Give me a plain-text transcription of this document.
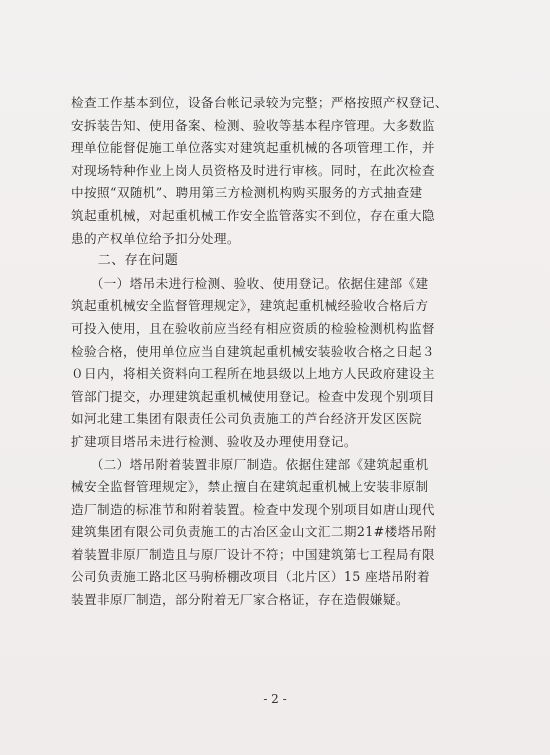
检查工作基本到位，设备台帐记录较为完整；严格按照产权登记、
安拆装告知、使用备案、检测、验收等基本程序管理。大多数监
理单位能督促施工单位落实对建筑起重机械的各项管理工作，并
对现场特种作业上岗人员资格及时进行审核。同时，在此次检查
中按照“双随机”、聘用第三方检测机构购买服务的方式抽查建
筑起重机械，对起重机械工作安全监管落实不到位，存在重大隐
患的产权单位给予扣分处理。
　　二、存在问题
　　（一）塔吊未进行检测、验收、使用登记。依据住建部《建
筑起重机械安全监督管理规定》，建筑起重机械经验收合格后方
可投入使用，且在验收前应当经有相应资质的检验检测机构监督
检验合格，使用单位应当自建筑起重机械安装验收合格之日起３
０日内，将相关资料向工程所在地县级以上地方人民政府建设主
管部门提交，办理建筑起重机械使用登记。检查中发现个别项目
如河北建工集团有限责任公司负责施工的芦台经济开发区医院
扩建项目塔吊未进行检测、验收及办理使用登记。
　　（二）塔吊附着装置非原厂制造。依据住建部《建筑起重机
械安全监督管理规定》，禁止擅自在建筑起重机械上安装非原制
造厂制造的标准节和附着装置。检查中发现个别项目如唐山现代
建筑集团有限公司负责施工的古冶区金山文汇二期21#楼塔吊附
着装置非原厂制造且与原厂设计不符；中国建筑第七工程局有限
公司负责施工路北区马驹桥棚改项目（北片区）15 座塔吊附着
装置非原厂制造，部分附着无厂家合格证，存在造假嫌疑。
- 2 -
